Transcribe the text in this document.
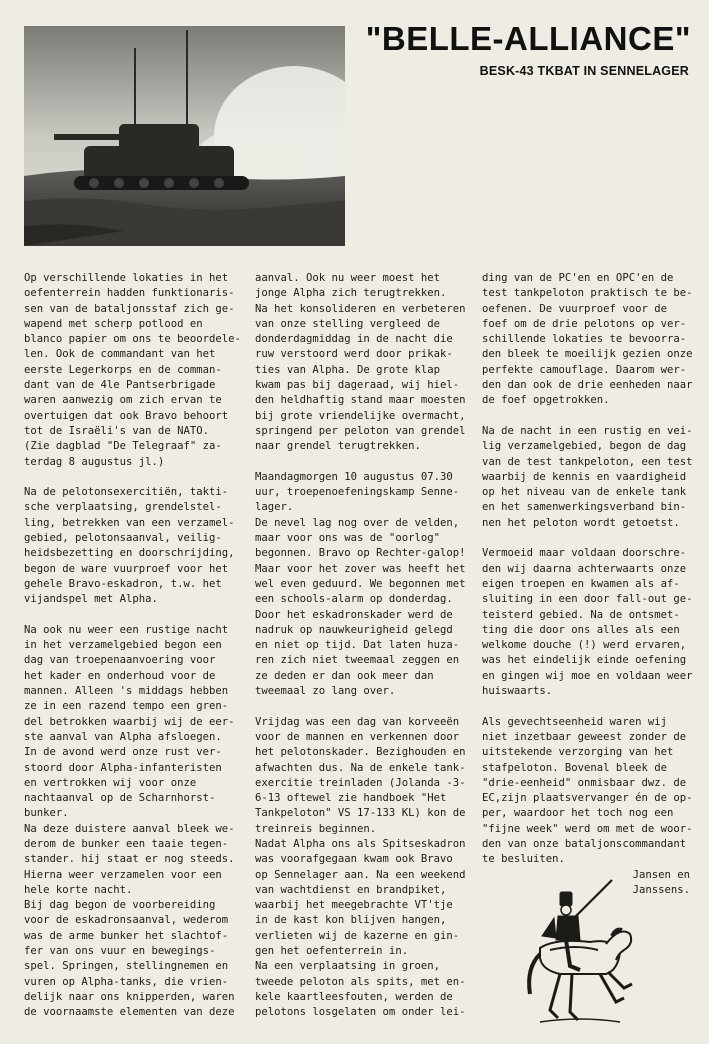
"BELLE-ALLIANCE"
BESK-43 TKBAT IN SENNELAGER

Op verschillende lokaties in het

oefenterrein hadden funktionaris-

sen van de bataljonsstaf zich ge-

wapend met scherp potlood en

blanco papier om ons te beoordele-

len. Ook de commandant van het

eerste Legerkorps en de comman-

dant van de 4le Pantserbrigade

waren aanwezig om zich ervan te

overtuigen dat ook Bravo behoort

tot de Israëli's van de NATO.

(Zie dagblad "De Telegraaf" za-

terdag 8 augustus jl.)

Na de pelotonsexercitiën, takti-

sche verplaatsing, grendelstel-

ling, betrekken van een verzamel-

gebied, pelotonsaanval, veilig-

heidsbezetting en doorschrijding,

begon de ware vuurproef voor het

gehele Bravo-eskadron, t.w. het

vijandspel met Alpha.

Na ook nu weer een rustige nacht

in het verzamelgebied begon een

dag van troepenaanvoering voor

het kader en onderhoud voor de

mannen. Alleen 's middags hebben

ze in een razend tempo een gren-

del betrokken waarbij wij de eer-

ste aanval van Alpha afsloegen.

In de avond werd onze rust ver-

stoord door Alpha-infanteristen

en vertrokken wij voor onze

nachtaanval op de Scharnhorst-

bunker.

Na deze duistere aanval bleek we-

derom de bunker een taaie tegen-

stander. hij staat er nog steeds.

Hierna weer verzamelen voor een

hele korte nacht.

Bij dag begon de voorbereiding

voor de eskadronsaanval, wederom

was de arme bunker het slachtof-

fer van ons vuur en bewegings-

spel. Springen, stellingnemen en

vuren op Alpha-tanks, die vrien-

delijk naar ons knipperden, waren

de voornaamste elementen van deze

aanval. Ook nu weer moest het

jonge Alpha zich terugtrekken.

Na het konsolideren en verbeteren

van onze stelling vergleed de

donderdagmiddag in de nacht die

ruw verstoord werd door prikak-

ties van Alpha. De grote klap

kwam pas bij dageraad, wij hiel-

den heldhaftig stand maar moesten

bij grote vriendelijke overmacht,

springend per peloton van grendel

naar grendel terugtrekken.

Maandagmorgen 10 augustus 07.30

uur, troepenoefeningskamp Senne-

lager.

De nevel lag nog over de velden,

maar voor ons was de "oorlog"

begonnen. Bravo op Rechter-galop!

Maar voor het zover was heeft het

wel even geduurd. We begonnen met

een schools-alarm op donderdag.

Door het eskadronskader werd de

nadruk op nauwkeurigheid gelegd

en niet op tijd. Dat laten huza-

ren zich niet tweemaal zeggen en

ze deden er dan ook meer dan

tweemaal zo lang over.

Vrijdag was een dag van korveeën

voor de mannen en verkennen door

het pelotonskader. Bezighouden en

afwachten dus. Na de enkele tank-

exercitie treinladen (Jolanda -3-

6-13 oftewel zie handboek "Het

Tankpeloton" VS 17-133 KL) kon de

treinreis beginnen.

Nadat Alpha ons als Spitseskadron

was voorafgegaan kwam ook Bravo

op Sennelager aan. Na een weekend

van wachtdienst en brandpiket,

waarbij het meegebrachte VT'tje

in de kast kon blijven hangen,

verlieten wij de kazerne en gin-

gen het oefenterrein in.

Na een verplaatsing in groen,

tweede peloton als spits, met en-

kele kaartleesfouten, werden de

pelotons losgelaten om onder lei-

ding van de PC'en en OPC'en de

test tankpeloton praktisch te be-

oefenen. De vuurproef voor de

foef om de drie pelotons op ver-

schillende lokaties te bevoorra-

den bleek te moeilijk gezien onze

perfekte camouflage. Daarom wer-

den dan ook de drie eenheden naar

de foef opgetrokken.

Na de nacht in een rustig en vei-

lig verzamelgebied, begon de dag

van de test tankpeloton, een test

waarbij de kennis en vaardigheid

op het niveau van de enkele tank

en het samenwerkingsverband bin-

nen het peloton wordt getoetst.

Vermoeid maar voldaan doorschre-

den wij daarna achterwaarts onze

eigen troepen en kwamen als af-

sluiting in een door fall-out ge-

teisterd gebied. Na de ontsmet-

ting die door ons alles als een

welkome douche (!) werd ervaren,

was het eindelijk einde oefening

en gingen wij moe en voldaan weer

huiswaarts.

Als gevechtseenheid waren wij

niet inzetbaar geweest zonder de

uitstekende verzorging van het

stafpeloton. Bovenal bleek de

"drie-eenheid" onmisbaar dwz. de

EC,zijn plaatsvervanger én de op-

per, waardoor het toch nog een

"fijne week" werd om met de woor-

den van onze bataljonscommandant

te besluiten.

Jansen en
Janssens.
